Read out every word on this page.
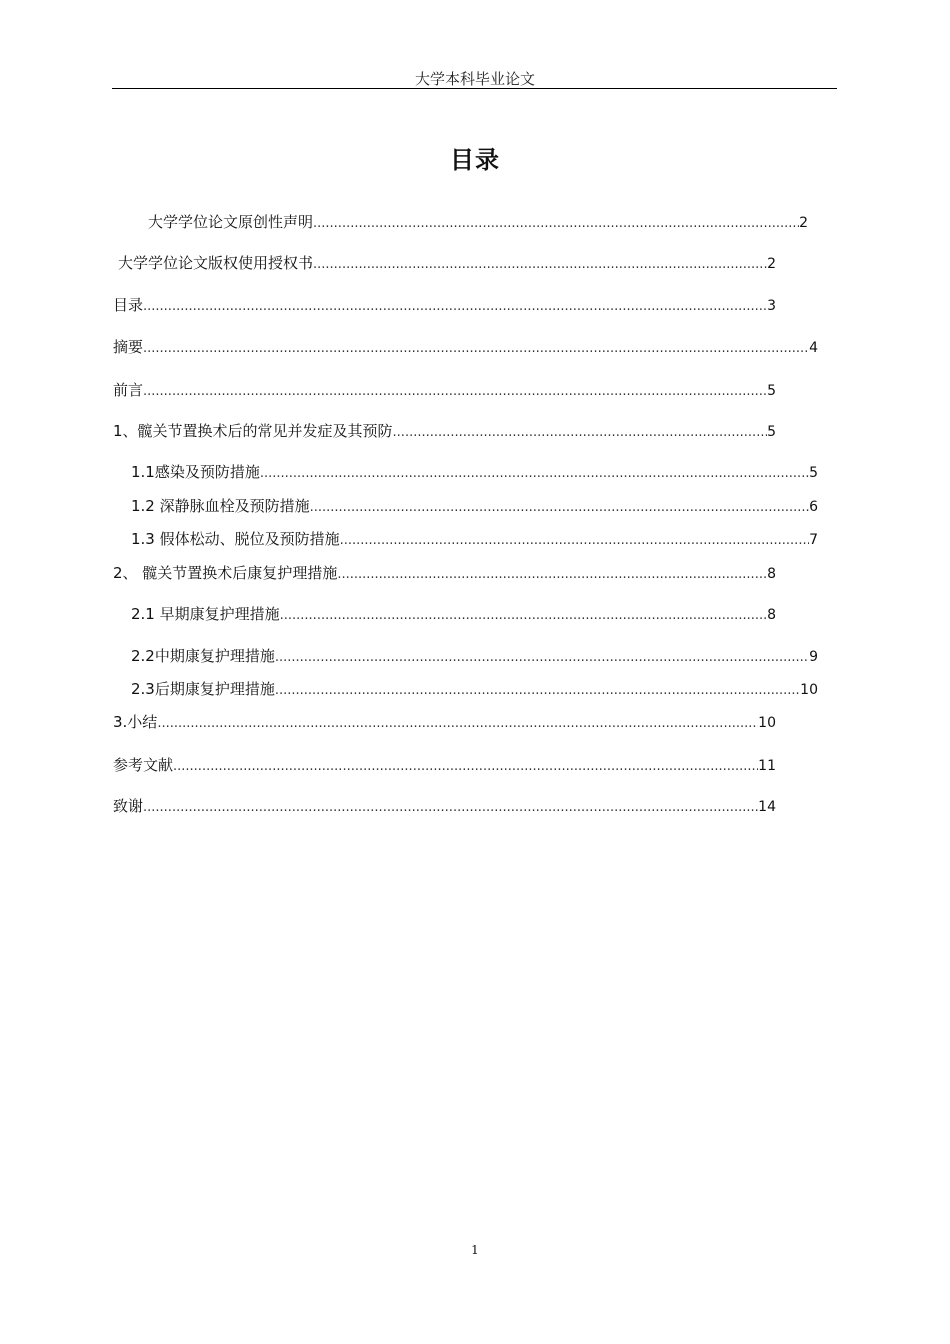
大学本科毕业论文
目录
大学学位论文原创性声明 .....	2
大学学位论文版权使用授权书 .....	2
目录 .....	3
摘要 .....	4
前言 .....	5
1、髋关节置换术后的常见并发症及其预防 .....	5
1.1感染及预防措施 .....	5
1.2 深静脉血栓及预防措施 .....	6
1.3 假体松动、脱位及预防措施 .....	7
2、 髋关节置换术后康复护理措施 .....	8
2.1 早期康复护理措施 .....	8
2.2中期康复护理措施 .....	9
2.3后期康复护理措施 .....	10
3.小结 .....	10
参考文献 .....	11
致谢 .....	14
1
